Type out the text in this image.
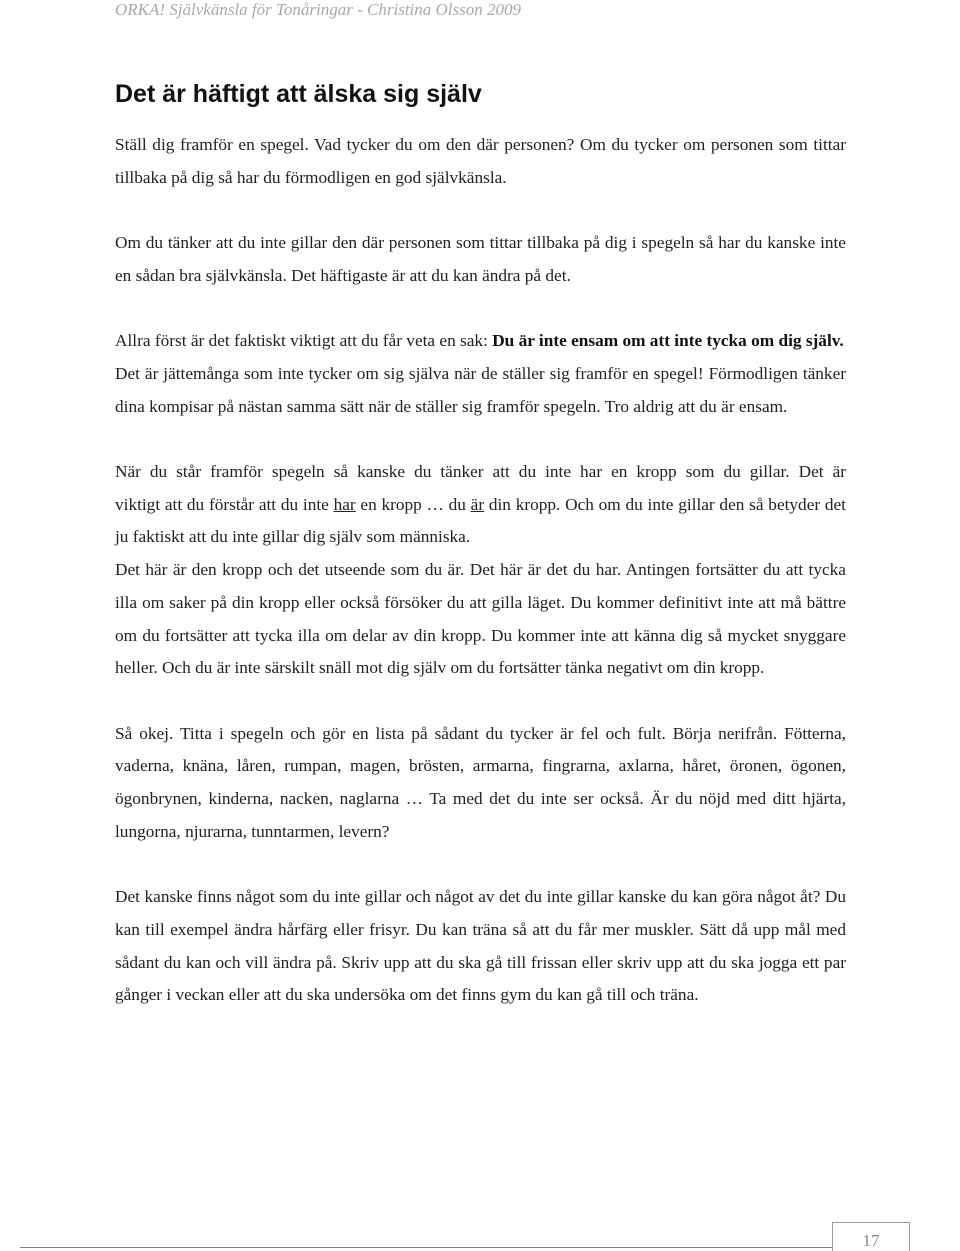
ORKA! Självkänsla för Tonåringar - Christina Olsson 2009
Det är häftigt att älska sig själv

Ställ dig framför en spegel. Vad tycker du om den där personen? Om du tycker om personen som tittar tillbaka på dig så har du förmodligen en god självkänsla.

Om du tänker att du inte gillar den där personen som tittar tillbaka på dig i spegeln så har du kanske inte en sådan bra självkänsla. Det häftigaste är att du kan ändra på det.

Allra först är det faktiskt viktigt att du får veta en sak: Du är inte ensam om att inte tycka om dig själv.

Det är jättemånga som inte tycker om sig själva när de ställer sig framför en spegel! Förmodligen tänker dina kompisar på nästan samma sätt när de ställer sig framför spegeln. Tro aldrig att du är ensam.

När du står framför spegeln så kanske du tänker att du inte har en kropp som du gillar. Det är viktigt att du förstår att du inte har en kropp … du är din kropp. Och om du inte gillar den så betyder det ju faktiskt att du inte gillar dig själv som människa.

Det här är den kropp och det utseende som du är. Det här är det du har. Antingen fortsätter du att tycka illa om saker på din kropp eller också försöker du att gilla läget. Du kommer definitivt inte att må bättre om du fortsätter att tycka illa om delar av din kropp. Du kommer inte att känna dig så mycket snyggare heller. Och du är inte särskilt snäll mot dig själv om du fortsätter tänka negativt om din kropp.

Så okej. Titta i spegeln och gör en lista på sådant du tycker är fel och fult. Börja nerifrån. Fötterna, vaderna, knäna, låren, rumpan, magen, brösten, armarna, fingrarna, axlarna, håret, öronen, ögonen, ögonbrynen, kinderna, nacken, naglarna … Ta med det du inte ser också. Är du nöjd med ditt hjärta, lungorna, njurarna, tunntarmen, levern?

Det kanske finns något som du inte gillar och något av det du inte gillar kanske du kan göra något åt? Du kan till exempel ändra hårfärg eller frisyr. Du kan träna så att du får mer muskler. Sätt då upp mål med sådant du kan och vill ändra på. Skriv upp att du ska gå till frissan eller skriv upp att du ska jogga ett par gånger i veckan eller att du ska undersöka om det finns gym du kan gå till och träna.

17
